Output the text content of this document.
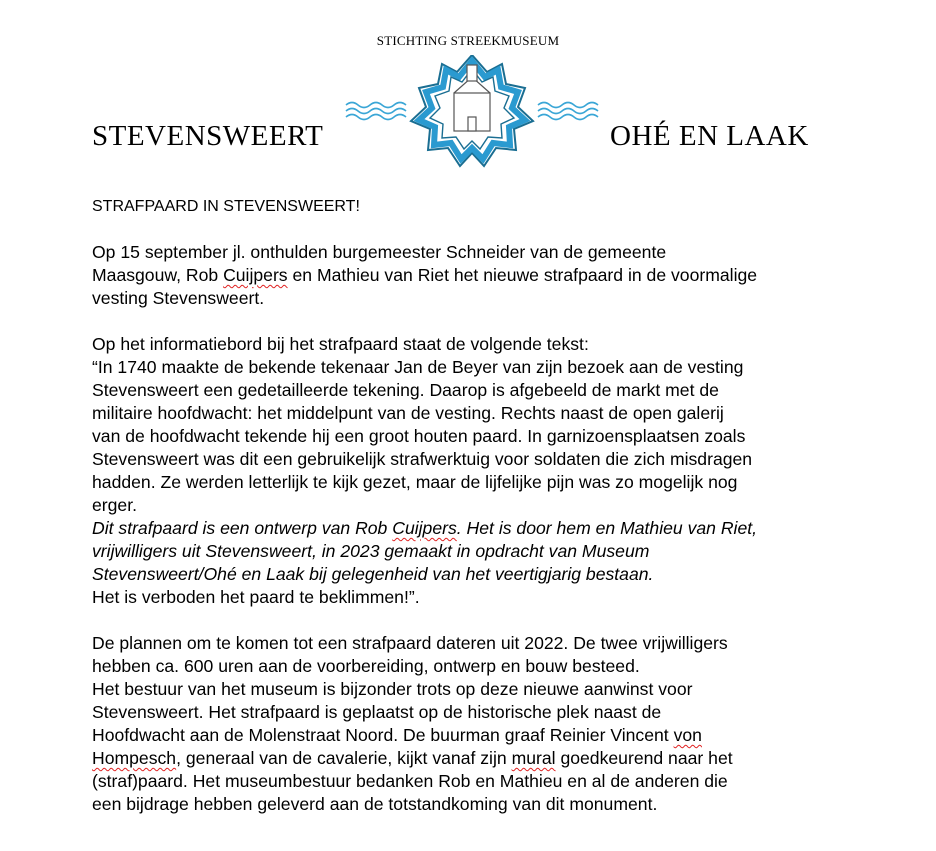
STICHTING STREEKMUSEUM
STEVENSWEERT	OHÉ EN LAAK
STRAFPAARD IN STEVENSWEERT!
Op 15 september jl. onthulden burgemeester Schneider van de gemeente
Maasgouw, Rob Cuijpers en Mathieu van Riet het nieuwe strafpaard in de voormalige
vesting Stevensweert.
Op het informatiebord bij het strafpaard staat de volgende tekst:
“In 1740 maakte de bekende tekenaar Jan de Beyer van zijn bezoek aan de vesting
Stevensweert een gedetailleerde tekening. Daarop is afgebeeld de markt met de
militaire hoofdwacht: het middelpunt van de vesting. Rechts naast de open galerij
van de hoofdwacht tekende hij een groot houten paard. In garnizoensplaatsen zoals
Stevensweert was dit een gebruikelijk strafwerktuig voor soldaten die zich misdragen
hadden. Ze werden letterlijk te kijk gezet, maar de lijfelijke pijn was zo mogelijk nog
erger.
Dit strafpaard is een ontwerp van Rob Cuijpers. Het is door hem en Mathieu van Riet,
vrijwilligers uit Stevensweert, in 2023 gemaakt in opdracht van Museum
Stevensweert/Ohé en Laak bij gelegenheid van het veertigjarig bestaan.
Het is verboden het paard te beklimmen!”.
De plannen om te komen tot een strafpaard dateren uit 2022. De twee vrijwilligers
hebben ca. 600 uren aan de voorbereiding, ontwerp en bouw besteed.
Het bestuur van het museum is bijzonder trots op deze nieuwe aanwinst voor
Stevensweert. Het strafpaard is geplaatst op de historische plek naast de
Hoofdwacht aan de Molenstraat Noord. De buurman graaf Reinier Vincent von
Hompesch, generaal van de cavalerie, kijkt vanaf zijn mural goedkeurend naar het
(straf)paard. Het museumbestuur bedanken Rob en Mathieu en al de anderen die
een bijdrage hebben geleverd aan de totstandkoming van dit monument.
